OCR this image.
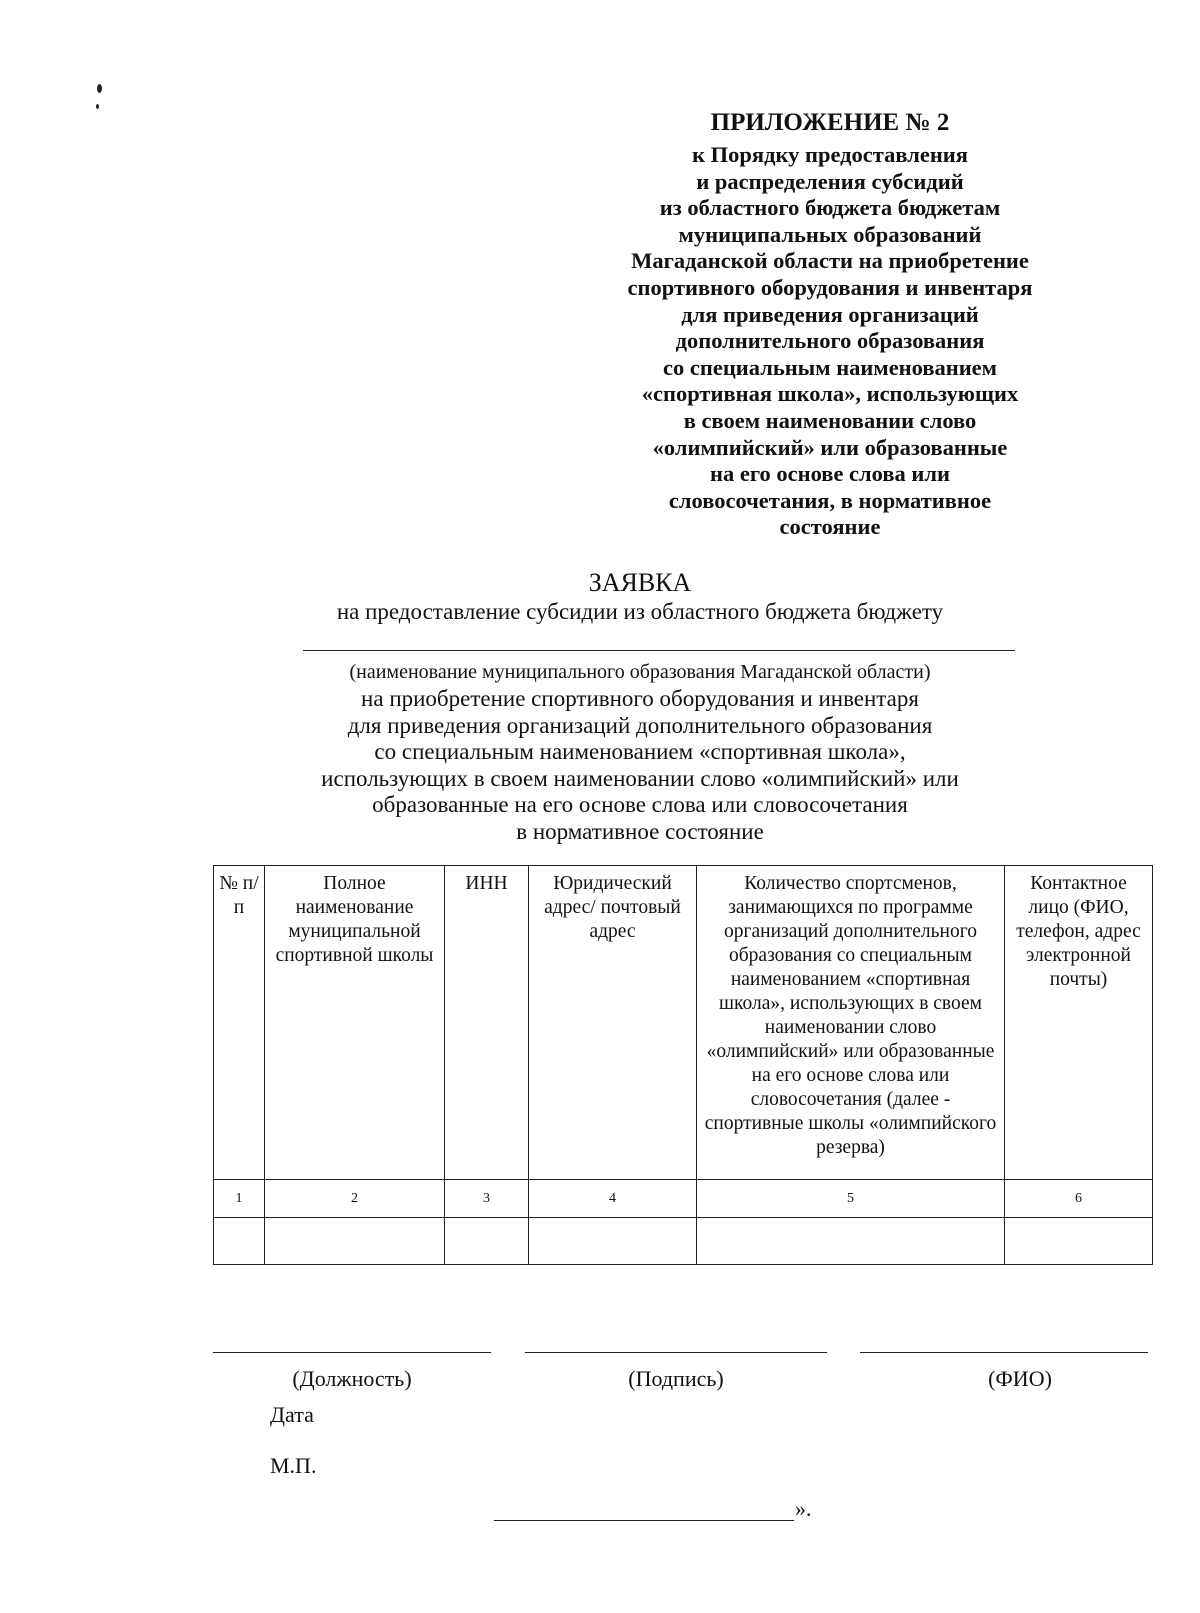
ПРИЛОЖЕНИЕ № 2
к Порядку предоставления
и распределения субсидий
из областного бюджета бюджетам
муниципальных образований
Магаданской области на приобретение
спортивного оборудования и инвентаря
для приведения организаций
дополнительного образования
со специальным наименованием
«спортивная школа», использующих
в своем наименовании слово
«олимпийский» или образованные
на его основе слова или
словосочетания, в нормативное
состояние
ЗАЯВКА
на предоставление субсидии из областного бюджета бюджету
(наименование муниципального образования Магаданской области)
на приобретение спортивного оборудования и инвентаря
для приведения организаций дополнительного образования
со специальным наименованием «спортивная школа»,
использующих в своем наименовании слово «олимпийский» или
образованные на его основе слова или словосочетания
в нормативное состояние
№ п/п	Полное наименование муниципальной спортивной школы	ИНН	Юридический адрес/ почтовый адрес	Количество спортсменов, занимающихся по программе организаций дополнительного образования со специальным наименованием «спортивная школа», использующих в своем наименовании слово «олимпийский» или образованные на его основе слова или словосочетания (далее - спортивные школы «олимпийского резерва)	Контактное лицо (ФИО, телефон, адрес электронной почты)

1	2	3	4	5	6

(Должность)	(Подпись)	(ФИО)
Дата
М.П.
».
